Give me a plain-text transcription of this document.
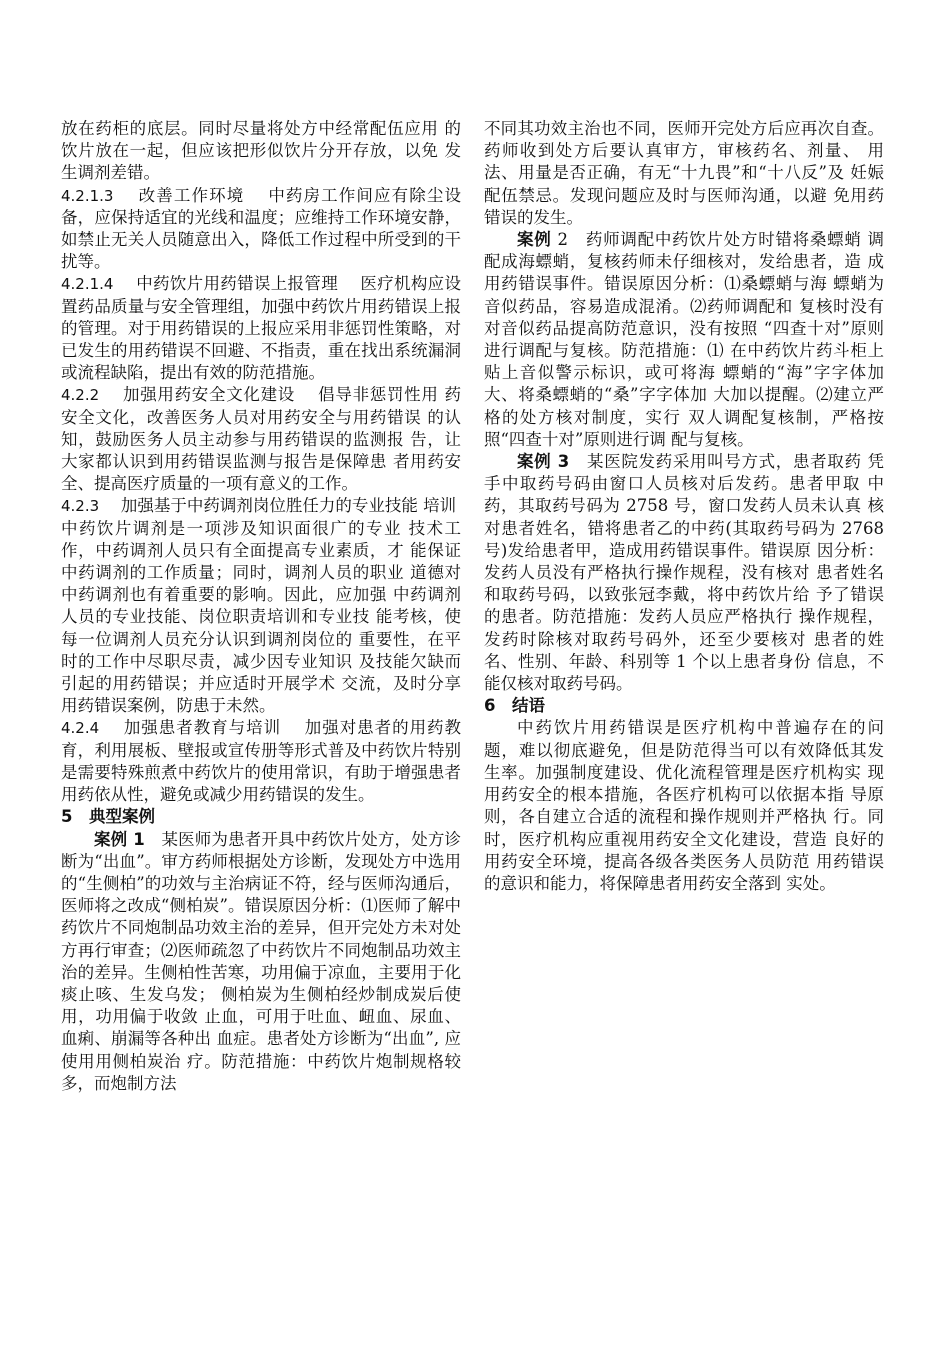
放在药柜的底层。同时尽量将处方中经常配伍应用 的饮片放在一起，但应该把形似饮片分开存放，以免 发生调剂差错。

4.2.1.3　 改善工作环境　 中药房工作间应有除尘设备，应保持适宜的光线和温度；应维持工作环境安静，如禁止无关人员随意出入，降低工作过程中所受到的干扰等。

4.2.1.4　 中药饮片用药错误上报管理　 医疗机构应设置药品质量与安全管理组，加强中药饮片用药错误上报的管理。对于用药错误的上报应采用非惩罚性策略，对已发生的用药错误不回避、不指责，重在找出系统漏洞或流程缺陷，提出有效的防范措施。

4.2.2　 加强用药安全文化建设　 倡导非惩罚性用 药安全文化，改善医务人员对用药安全与用药错误 的认知，鼓励医务人员主动参与用药错误的监测报 告，让大家都认识到用药错误监测与报告是保障患 者用药安全、提高医疗质量的一项有意义的工作。

4.2.3　 加强基于中药调剂岗位胜任力的专业技能 培训　 中药饮片调剂是一项涉及知识面很广的专业 技术工作，中药调剂人员只有全面提高专业素质，才 能保证中药调剂的工作质量；同时，调剂人员的职业 道德对中药调剂也有着重要的影响。因此，应加强 中药调剂人员的专业技能、岗位职责培训和专业技 能考核，使每一位调剂人员充分认识到调剂岗位的 重要性，在平时的工作中尽职尽责，减少因专业知识 及技能欠缺而引起的用药错误；并应适时开展学术 交流，及时分享用药错误案例，防患于未然。

4.2.4　 加强患者教育与培训　 加强对患者的用药教育，利用展板、壁报或宣传册等形式普及中药饮片特别是需要特殊煎煮中药饮片的使用常识，有助于增强患者用药依从性，避免或减少用药错误的发生。

5　典型案例

案例 1　 某医师为患者开具中药饮片处方，处方诊断为“出血”。审方药师根据处方诊断，发现处方中选用的“生侧柏”的功效与主治病证不符，经与医师沟通后，医师将之改成“侧柏炭”。错误原因分析：⑴医师了解中药饮片不同炮制品功效主治的差异，但开完处方未对处方再行审查；⑵医师疏忽了中药饮片不同炮制品功效主治的差异。生侧柏性苦寒，功用偏于凉血，主要用于化痰止咳、生发乌发； 侧柏炭为生侧柏经炒制成炭后使用，功用偏于收敛 止血，可用于吐血、衄血、尿血、血痢、崩漏等各种出 血症。患者处方诊断为“出血”, 应使用用侧柏炭治 疗。防范措施：中药饮片炮制规格较多，而炮制方法

不同其功效主治也不同，医师开完处方后应再次自查。药师收到处方后要认真审方，审核药名、剂量、 用法、用量是否正确，有无“十九畏”和“十八反”及 妊娠配伍禁忌。发现问题应及时与医师沟通，以避 免用药错误的发生。

案例 2　 药师调配中药饮片处方时错将桑螵蛸 调配成海螵蛸，复核药师未仔细核对，发给患者，造 成用药错误事件。错误原因分析：⑴桑螵蛸与海 螵蛸为音似药品，容易造成混淆。⑵药师调配和 复核时没有对音似药品提高防范意识，没有按照 “四查十对”原则进行调配与复核。防范措施：⑴ 在中药饮片药斗柜上贴上音似警示标识，或可将海 螵蛸的“海”字字体加大、将桑螵蛸的“桑”字字体加 大加以提醒。⑵建立严格的处方核对制度，实行 双人调配复核制，严格按照“四查十对”原则进行调 配与复核。

案例 3　 某医院发药采用叫号方式，患者取药 凭手中取药号码由窗口人员核对后发药。患者甲取 中药，其取药号码为 2758 号，窗口发药人员未认真 核对患者姓名，错将患者乙的中药(其取药号码为 2768 号)发给患者甲，造成用药错误事件。错误原 因分析：发药人员没有严格执行操作规程，没有核对 患者姓名和取药号码，以致张冠李戴，将中药饮片给 予了错误的患者。防范措施：发药人员应严格执行 操作规程，发药时除核对取药号码外，还至少要核对 患者的姓名、性别、年龄、科别等 1 个以上患者身份 信息，不能仅核对取药号码。

6　结语

中药饮片用药错误是医疗机构中普遍存在的问 题，难以彻底避免，但是防范得当可以有效降低其发 生率。加强制度建设、优化流程管理是医疗机构实 现用药安全的根本措施，各医疗机构可以依据本指 导原则，各自建立合适的流程和操作规则并严格执 行。同时，医疗机构应重视用药安全文化建设，营造 良好的用药安全环境，提高各级各类医务人员防范 用药错误的意识和能力，将保障患者用药安全落到 实处。
